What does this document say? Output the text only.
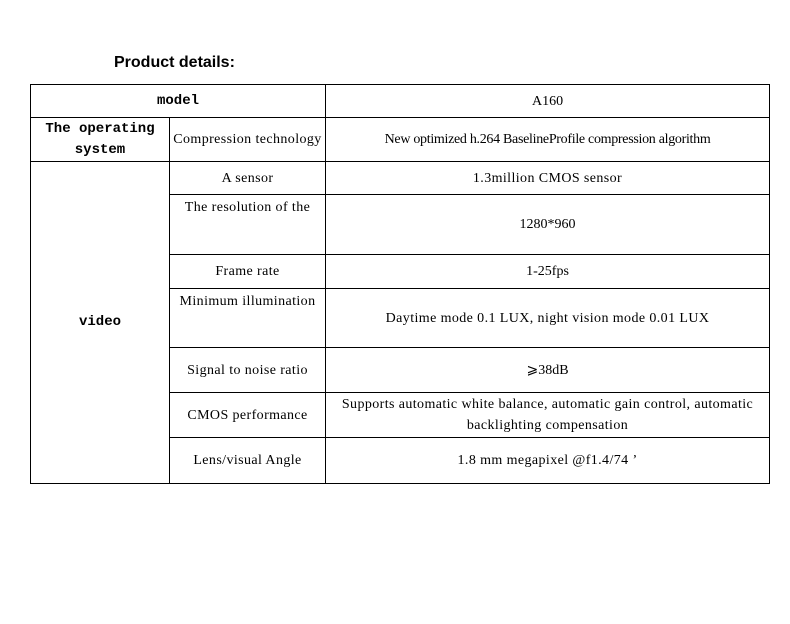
Product details:
model		A160
The operating system	Compression technology	New optimized h.264 BaselineProfile compression algorithm
video	A sensor	1.3million CMOS sensor
	The resolution of the	1280*960
	Frame rate	1-25fps
	Minimum illumination	Daytime mode 0.1 LUX, night vision mode 0.01 LUX
	Signal to noise ratio	⩾38dB
	CMOS performance	Supports automatic white balance, automatic gain control, automatic backlighting compensation
	Lens/visual Angle	1.8 mm megapixel @f1.4/74 ’
